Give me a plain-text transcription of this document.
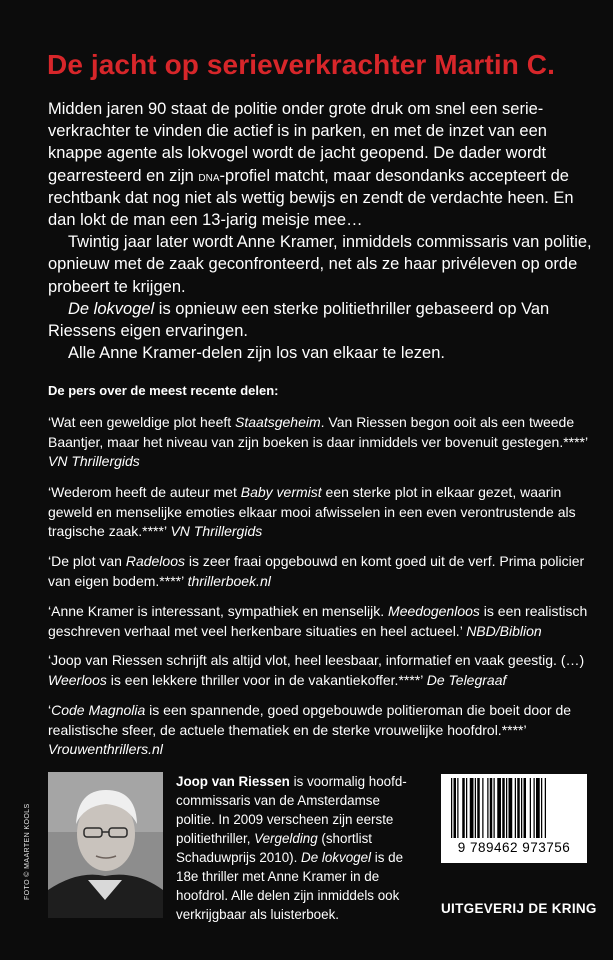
De jacht op serieverkrachter Martin C.

Midden jaren 90 staat de politie onder grote druk om snel een serieverkrachter te vinden die actief is in parken, en met de inzet van een knappe agente als lokvogel wordt de jacht geopend. De dader wordt gearresteerd en zijn dna-profiel matcht, maar desondanks accepteert de rechtbank dat nog niet als wettig bewijs en zendt de verdachte heen. En dan lokt de man een 13-jarig meisje mee…

Twintig jaar later wordt Anne Kramer, inmiddels commissaris van politie, opnieuw met de zaak geconfronteerd, net als ze haar privéleven op orde probeert te krijgen.

De lokvogel is opnieuw een sterke politiethriller gebaseerd op Van Riessens eigen ervaringen.

Alle Anne Kramer-delen zijn los van elkaar te lezen.

De pers over de meest recente delen:
‘Wat een geweldige plot heeft Staatsgeheim. Van Riessen begon ooit als een tweede Baantjer, maar het niveau van zijn boeken is daar inmiddels ver bovenuit gestegen.****’ VN Thrillergids
‘Wederom heeft de auteur met Baby vermist een sterke plot in elkaar gezet, waarin geweld en menselijke emoties elkaar mooi afwisselen in een even verontrustende als tragische zaak.****’ VN Thrillergids
‘De plot van Radeloos is zeer fraai opgebouwd en komt goed uit de verf. Prima policier van eigen bodem.****’ thrillerboek.nl
‘Anne Kramer is interessant, sympathiek en menselijk. Meedogenloos is een realistisch geschreven verhaal met veel herkenbare situaties en heel actueel.’ NBD/Biblion
‘Joop van Riessen schrijft als altijd vlot, heel leesbaar, informatief en vaak geestig. (…) Weerloos is een lekkere thriller voor in de vakantiekoffer.****’ De Telegraaf
‘Code Magnolia is een spannende, goed opgebouwde politieroman die boeit door de realistische sfeer, de actuele thematiek en de sterke vrouwelijke hoofdrol.****’ Vrouwenthrillers.nl
FOTO © MAARTEN KOOLS
Joop van Riessen is voormalig hoofdcommissaris van de Amsterdamse politie. In 2009 verscheen zijn eerste politiethriller, Vergelding (shortlist Schaduwprijs 2010). De lokvogel is de 18e thriller met Anne Kramer in de hoofdrol. Alle delen zijn inmiddels ook verkrijgbaar als luisterboek.
9 789462 973756
UITGEVERIJ DE KRING
